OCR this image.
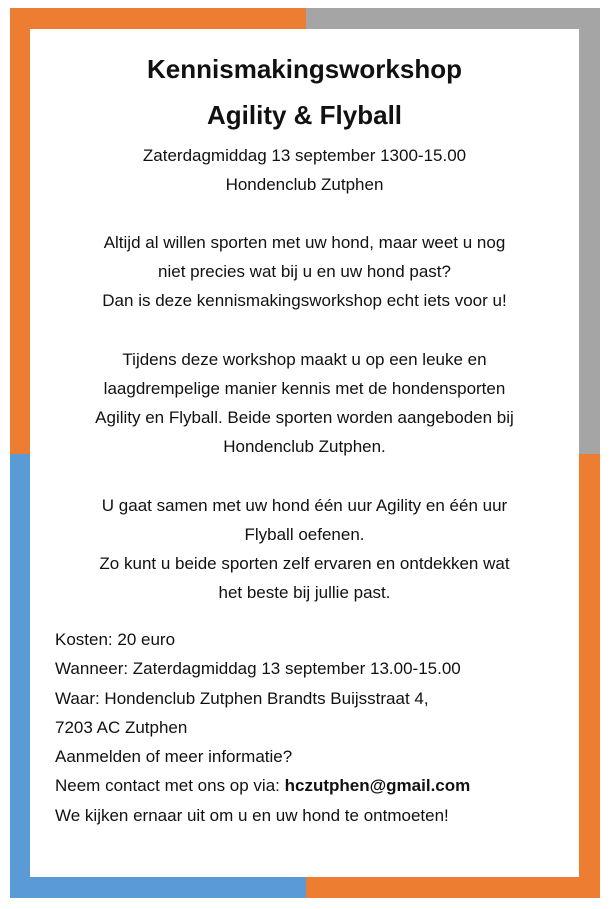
Kennismakingsworkshop
Agility & Flyball
Zaterdagmiddag 13 september 1300-15.00
Hondenclub Zutphen
Altijd al willen sporten met uw hond, maar weet u nog
niet precies wat bij u en uw hond past?
Dan is deze kennismakingsworkshop echt iets voor u!
Tijdens deze workshop maakt u op een leuke en
laagdrempelige manier kennis met de hondensporten
Agility en Flyball. Beide sporten worden aangeboden bij
Hondenclub Zutphen.
U gaat samen met uw hond één uur Agility en één uur
Flyball oefenen.
Zo kunt u beide sporten zelf ervaren en ontdekken wat
het beste bij jullie past.
Kosten: 20 euro
Wanneer: Zaterdagmiddag 13 september 13.00-15.00
Waar: Hondenclub Zutphen Brandts Buijsstraat 4,
7203 AC Zutphen
Aanmelden of meer informatie?
Neem contact met ons op via: hczutphen@gmail.com
We kijken ernaar uit om u en uw hond te ontmoeten!
